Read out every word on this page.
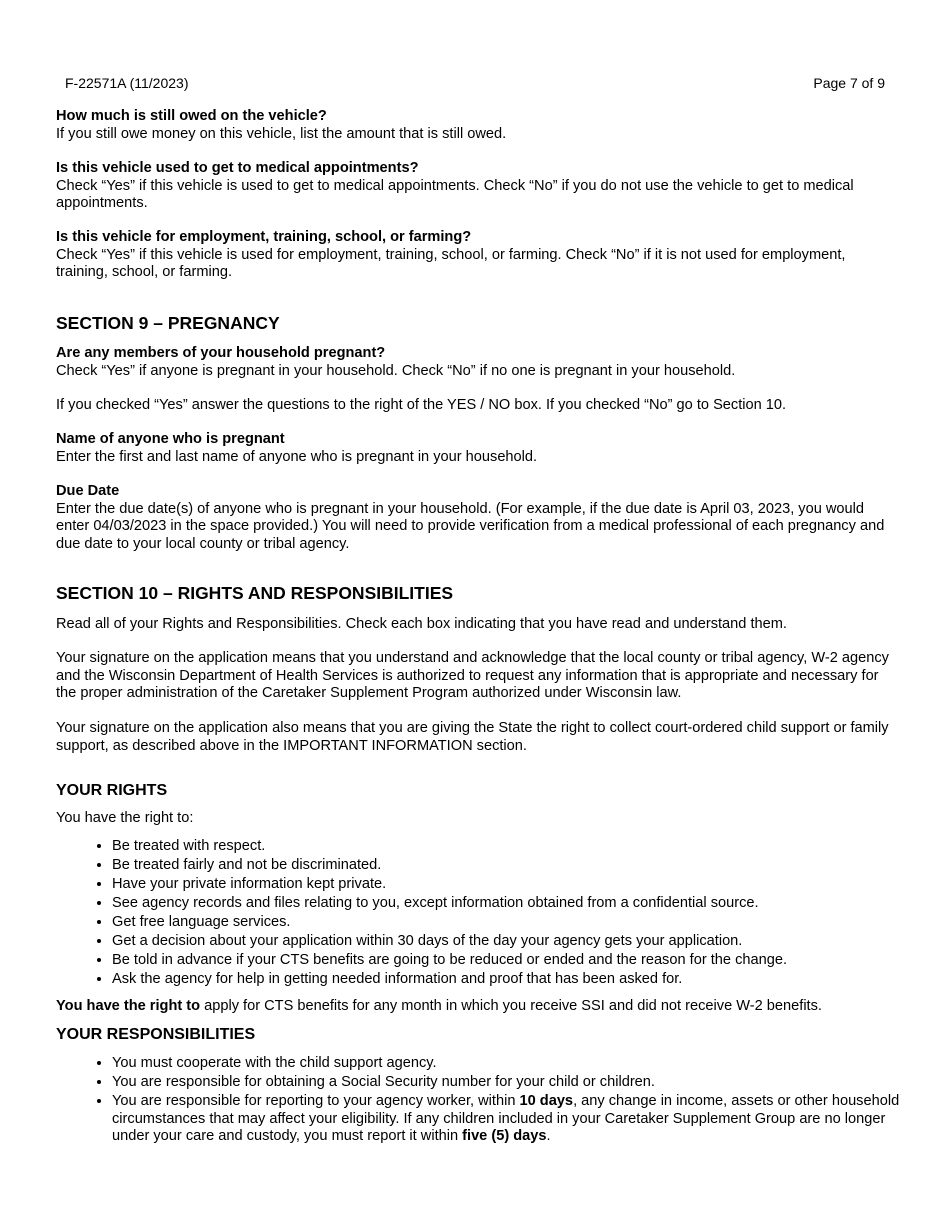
F-22571A (11/2023)	Page 7 of 9

How much is still owed on the vehicle?
If you still owe money on this vehicle, list the amount that is still owed.

Is this vehicle used to get to medical appointments?
Check “Yes” if this vehicle is used to get to medical appointments. Check “No” if you do not use the vehicle to get to medical appointments.

Is this vehicle for employment, training, school, or farming?
Check “Yes” if this vehicle is used for employment, training, school, or farming. Check “No” if it is not used for employment, training, school, or farming.

SECTION 9 – PREGNANCY

Are any members of your household pregnant?
Check “Yes” if anyone is pregnant in your household. Check “No” if no one is pregnant in your household.

If you checked “Yes” answer the questions to the right of the YES / NO box. If you checked “No” go to Section 10.

Name of anyone who is pregnant
Enter the first and last name of anyone who is pregnant in your household.

Due Date
Enter the due date(s) of anyone who is pregnant in your household. (For example, if the due date is April 03, 2023, you would enter 04/03/2023 in the space provided.) You will need to provide verification from a medical professional of each pregnancy and due date to your local county or tribal agency.

SECTION 10 – RIGHTS AND RESPONSIBILITIES

Read all of your Rights and Responsibilities. Check each box indicating that you have read and understand them.

Your signature on the application means that you understand and acknowledge that the local county or tribal agency, W-2 agency and the Wisconsin Department of Health Services is authorized to request any information that is appropriate and necessary for the proper administration of the Caretaker Supplement Program authorized under Wisconsin law.

Your signature on the application also means that you are giving the State the right to collect court-ordered child support or family support, as described above in the IMPORTANT INFORMATION section.

YOUR RIGHTS

You have the right to:

• Be treated with respect.
• Be treated fairly and not be discriminated.
• Have your private information kept private.
• See agency records and files relating to you, except information obtained from a confidential source.
• Get free language services.
• Get a decision about your application within 30 days of the day your agency gets your application.
• Be told in advance if your CTS benefits are going to be reduced or ended and the reason for the change.
• Ask the agency for help in getting needed information and proof that has been asked for.

You have the right to apply for CTS benefits for any month in which you receive SSI and did not receive W-2 benefits.

YOUR RESPONSIBILITIES
• You must cooperate with the child support agency.
• You are responsible for obtaining a Social Security number for your child or children.
• You are responsible for reporting to your agency worker, within 10 days, any change in income, assets or other household circumstances that may affect your eligibility. If any children included in your Caretaker Supplement Group are no longer under your care and custody, you must report it within five (5) days.
